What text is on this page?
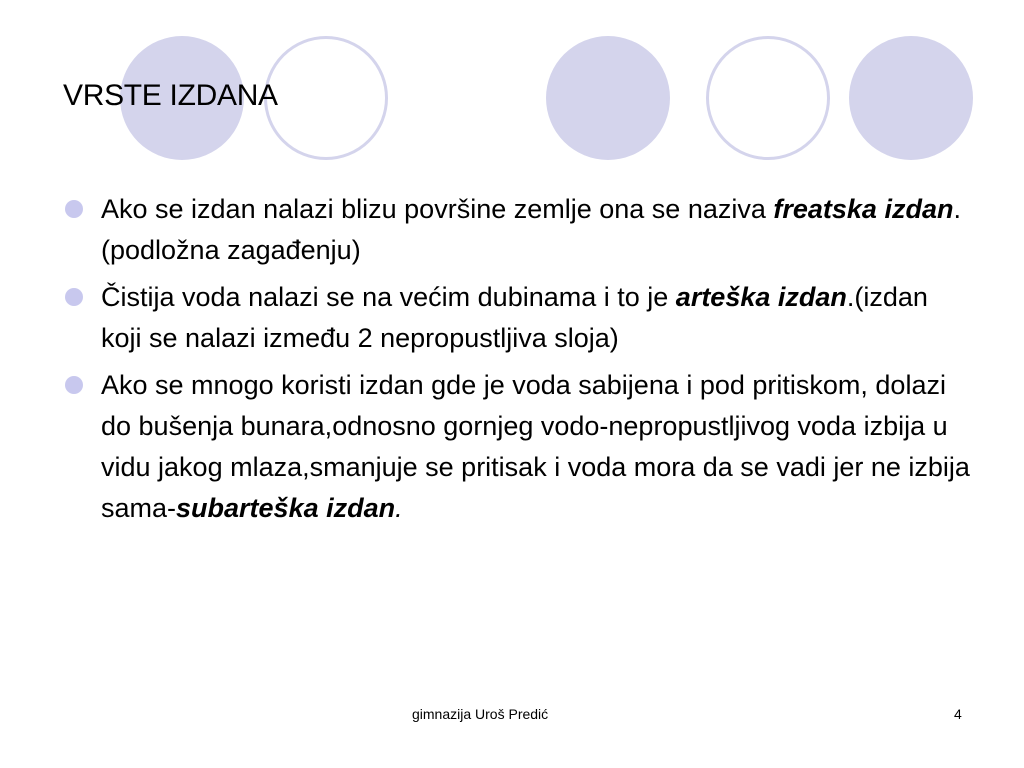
VRSTE IZDANA
Ako se izdan nalazi blizu površine zemlje ona se naziva freatska izdan.(podložna zagađenju)
Čistija voda nalazi se na većim dubinama i to je arteška izdan.(izdan koji se nalazi između 2 nepropustljiva sloja)
Ako se mnogo koristi izdan gde je voda sabijena i pod pritiskom, dolazi do bušenja bunara,odnosno gornjeg vodo-nepropustljivog voda izbija u vidu jakog mlaza,smanjuje se pritisak i voda mora da se vadi jer ne izbija sama-subarteška izdan.
gimnazija Uroš Predić	4
